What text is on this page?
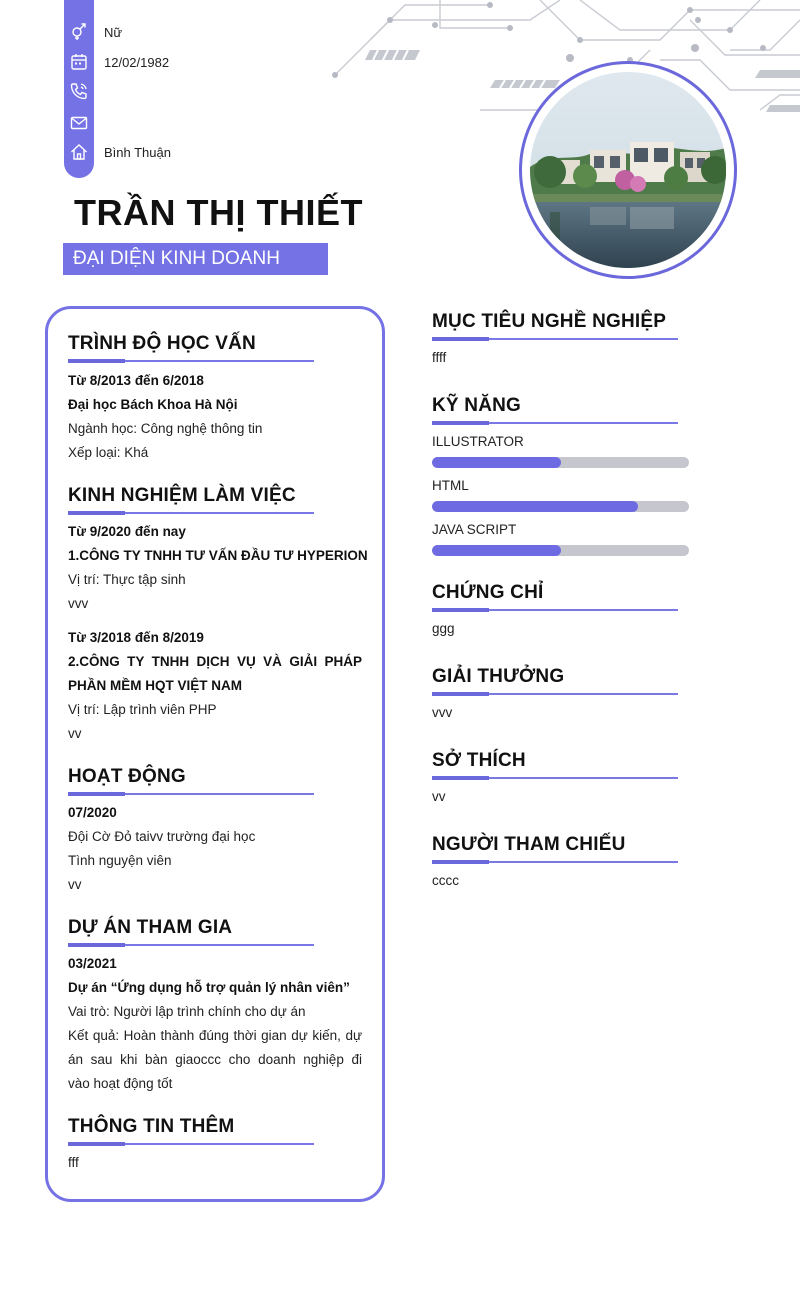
Nữ
12/02/1982
Bình Thuận
TRẦN THỊ THIẾT
ĐẠI DIỆN KINH DOANH
TRÌNH ĐỘ HỌC VẤN
Từ 8/2013 đến 6/2018
Đại học Bách Khoa Hà Nội
Ngành học: Công nghệ thông tin
Xếp loại: Khá
KINH NGHIỆM LÀM VIỆC
Từ 9/2020 đến nay
1.CÔNG TY TNHH TƯ VẤN ĐẦU TƯ HYPERION
Vị trí: Thực tập sinh
vvv
Từ 3/2018 đến 8/2019
2.CÔNG TY TNHH DỊCH VỤ VÀ GIẢI PHÁP
PHẦN MỀM HQT VIỆT NAM
Vị trí: Lập trình viên PHP
vv
HOẠT ĐỘNG
07/2020
Đội Cờ Đỏ taivv trường đại học
Tình nguyện viên
vv
DỰ ÁN THAM GIA
03/2021
Dự án “Ứng dụng hỗ trợ quản lý nhân viên”
Vai trò: Người lập trình chính cho dự án
Kết quả: Hoàn thành đúng thời gian dự kiến, dự
án sau khi bàn giaoccc cho doanh nghiệp đi
vào hoạt động tốt
THÔNG TIN THÊM
fff
MỤC TIÊU NGHỀ NGHIỆP
ffff
KỸ NĂNG
ILLUSTRATOR
HTML
JAVA SCRIPT
CHỨNG CHỈ
ggg
GIẢI THƯỞNG
vvv
SỞ THÍCH
vv
NGƯỜI THAM CHIẾU
cccc
